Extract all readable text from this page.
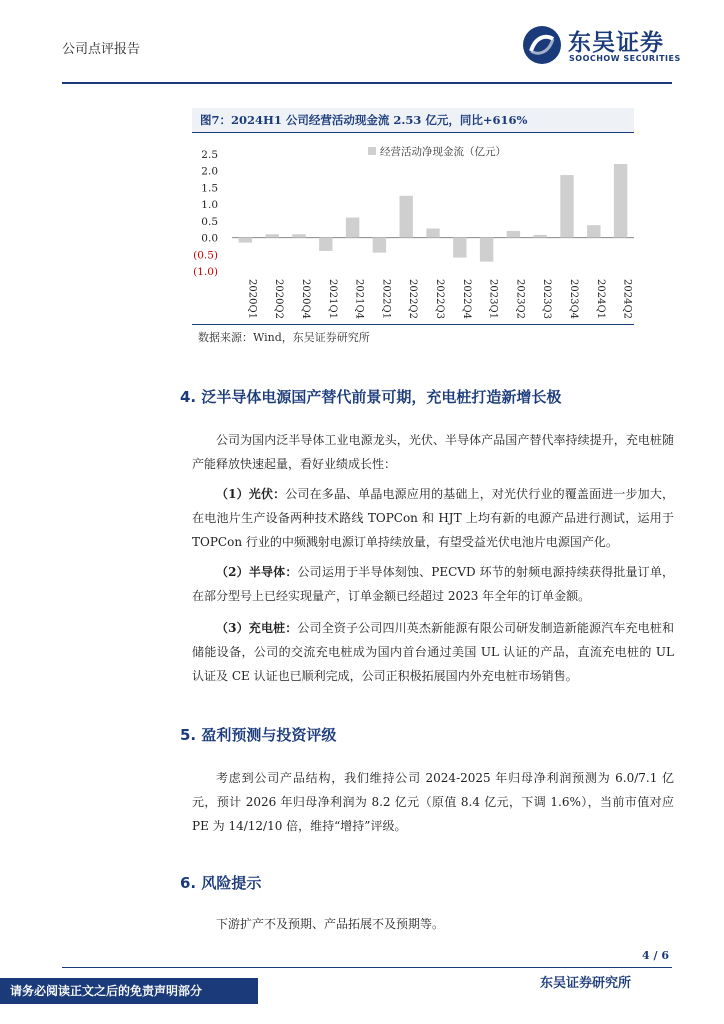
公司点评报告	东吴证券
SOOCHOW SECURITIES
图7：2024H1 公司经营活动现金流 2.53 亿元，同比+616%
2.5
2.0
1.5
1.0
0.5
0.0
(0.5)
(1.0)
2020Q1 2020Q2 2020Q4 2021Q1 2021Q4 2022Q1 2022Q2 2022Q3 2022Q4 2023Q1 2023Q2 2023Q3 2023Q4 2024Q1 2024Q2
经营活动净现金流（亿元）
数据来源：Wind，东吴证券研究所
4. 泛半导体电源国产替代前景可期，充电桩打造新增长极
公司为国内泛半导体工业电源龙头，光伏、半导体产品国产替代率持续提升，充电桩随产能释放快速起量，看好业绩成长性：
（1）光伏：公司在多晶、单晶电源应用的基础上，对光伏行业的覆盖面进一步加大，在电池片生产设备两种技术路线 TOPCon 和 HJT 上均有新的电源产品进行测试，运用于 TOPCon 行业的中频溅射电源订单持续放量，有望受益光伏电池片电源国产化。
（2）半导体：公司运用于半导体刻蚀、PECVD 环节的射频电源持续获得批量订单，在部分型号上已经实现量产，订单金额已经超过 2023 年全年的订单金额。
（3）充电桩：公司全资子公司四川英杰新能源有限公司研发制造新能源汽车充电桩和储能设备，公司的交流充电桩成为国内首台通过美国 UL 认证的产品，直流充电桩的 UL 认证及 CE 认证也已顺利完成，公司正积极拓展国内外充电桩市场销售。
5. 盈利预测与投资评级
考虑到公司产品结构，我们维持公司 2024-2025 年归母净利润预测为 6.0/7.1 亿元，预计 2026 年归母净利润为 8.2 亿元（原值 8.4 亿元，下调 1.6%），当前市值对应 PE 为 14/12/10 倍，维持“增持”评级。
6. 风险提示
下游扩产不及预期、产品拓展不及预期等。
4 / 6
请务必阅读正文之后的免责声明部分	东吴证券研究所
